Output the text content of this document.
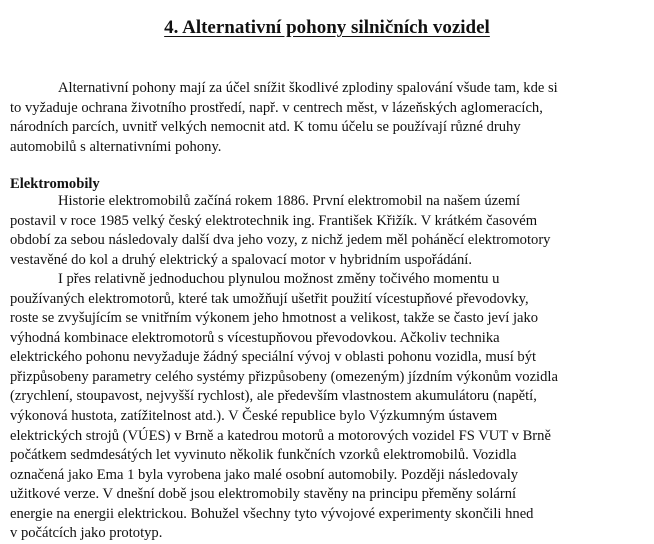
4. Alternativní pohony silničních vozidel

Alternativní pohony mají za účel snížit škodlivé zplodiny spalování všude tam, kde si
to vyžaduje ochrana životního prostředí, např. v centrech měst, v lázeňských aglomeracích,
národních parcích, uvnitř velkých nemocnit atd. K tomu účelu se používají různé druhy
automobilů s alternativními pohony.

Elektromobily

Historie elektromobilů začíná rokem 1886. První elektromobil na našem území
postavil v roce 1985 velký český elektrotechnik ing. František Křižík. V krátkém časovém
období za sebou následovaly další dva jeho vozy, z nichž jedem měl poháněcí elektromotory
vestavěné do kol a druhý elektrický a spalovací motor v hybridním uspořádání.
I přes relativně jednoduchou plynulou možnost změny točivého momentu u
používaných elektromotorů, které tak umožňují ušetřit použití vícestupňové převodovky,
roste se zvyšujícím se vnitřním výkonem jeho hmotnost a velikost, takže se často jeví jako
výhodná kombinace elektromotorů s vícestupňovou převodovkou. Ačkoliv technika
elektrického pohonu nevyžaduje žádný speciální vývoj v oblasti pohonu vozidla, musí být
přizpůsobeny parametry celého systémy přizpůsobeny (omezeným) jízdním výkonům vozidla
(zrychlení, stoupavost, nejvyšší rychlost), ale především vlastnostem akumulátoru (napětí,
výkonová hustota, zatížitelnost atd.). V České republice bylo Výzkumným ústavem
elektrických strojů (VÚES) v Brně a katedrou motorů a motorových vozidel FS VUT v Brně
počátkem sedmdesátých let vyvinuto několik funkčních vzorků elektromobilů. Vozidla
označená jako Ema 1 byla vyrobena jako malé osobní automobily. Později následovaly
užitkové verze. V dnešní době jsou elektromobily stavěny na principu přeměny solární
energie na energii elektrickou. Bohužel všechny tyto vývojové experimenty skončili hned
v počátcích jako prototyp.
